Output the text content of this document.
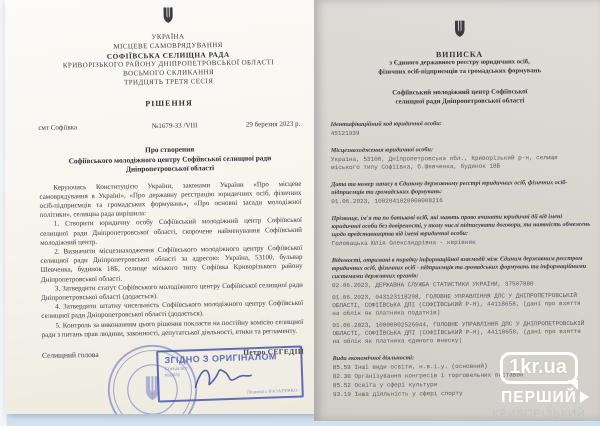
УКРАЇНА
МІСЦЕВЕ САМОВРЯДУВАННЯ
СОФІЇВСЬКА СЕЛИЩНА РАДА
КРИВОРІЗЬКОГО РАЙОНУ ДНІПРОПЕТРОВСЬКОЇ ОБЛАСТІ
ВОСЬМОГО СКЛИКАННЯ
ТРИДЦЯТЬ ТРЕТЯ СЕСІЯ
РІШЕННЯ
смт Софіївка	№1679-33 /VIII	29 березня 2023 р.
Про створення
Софіївського молодіжного центру Софіївської селищної ради
Дніпропетровської області
Керуючись Конституцією України, законами України «Про місцеве самоврядування в Україні», «Про державну реєстрацію юридичних осіб, фізичних осіб-підприємців та громадських формувань», «Про основні засади молодіжної політики», селищна рада вирішила:
1. Створити юридичну особу Софіївський молодіжний центр Софіївської селищної ради Дніпропетровської області, скорочене найменування Софіївський молодіжний центр.
2. Визначити місцезнаходження Софіївського молодіжного центру Софіївської селищної ради Дніпропетровської області за адресою: Україна, 53100, бульвар Шевченка, будинок 18Б, селище міського типу Софіївка Криворізького району Дніпропетровської області.
3. Затвердити статут Софіївського молодіжного центру Софіївської селищної ради Дніпропетровської області (додається).
4. Затвердити штатну чисельність Софіївського молодіжного центру Софіївської селищної ради Дніпропетровської області (додається).
5. Контроль за виконанням цього рішення покласти на постійну комісію селищної ради з питань прав людини, законності, депутатської діяльності, етики та регламенту.
Селищний голова	Петро СЕГЕДІЙ
ЗГІДНО З ОРИГІНАЛОМ
Спеціаліст
відділу
Людмила НАЗАРЕНКО
ВИПИСКА
з Єдиного державного реєстру юридичних осіб,
фізичних осіб-підприємців та громадських формувань
Софіївський молодіжний центр Софіївської
селищної ради Дніпропетровської області
Ідентифікаційний код юридичної особи:
45121939
Місцезнаходження юридичної особи:
Україна, 53100, Дніпропетровська обл., Криворізький р-н, селище міського типу Софіївка, б.Шевченка, будинок 18Б
Дата та номер запису в Єдиному державному реєстрі юридичних осіб, фізичних осіб-підприємців та громадських формувань:
01.06.2023, 1002041020000008216
Прізвище, ім'я та по батькові осіб, які мають право вчиняти юридичні дії від імені юридичної особи без довіреності, у тому числі підписувати договори, та наявність обмежень щодо представництва від імені юридичної особи:
Головацька Юлія Олександрівна - керівник
Відомості, отримані в порядку інформаційної взаємодії між Єдиним державним реєстром юридичних осіб, фізичних осіб - підприємців та громадських формувань та інформаційними системами державних органів:
02.06.2023, ДЕРЖАВНА СЛУЖБА СТАТИСТИКИ УКРАЇНИ, 37507880
01.06.2023, 043123118298, ГОЛОВНЕ УПРАВЛІННЯ ДПС У ДНІПРОПЕТРОВСЬКІЙ ОБЛАСТІ, СОФІЇВСЬКА ДПІ (СОФІЇВСЬКИЙ Р-Н), 44118658, (дані про взяття на облік як платника податків)
01.06.2023, 10000002526044, ГОЛОВНЕ УПРАВЛІННЯ ДПС У ДНІПРОПЕТРОВСЬКІЙ ОБЛАСТІ, СОФІЇВСЬКА ДПІ (СОФІЇВСЬКИЙ Р-Н), 44118658, (дані про взяття на облік як платника єдиного внеску)
Види економічної діяльності:
85.59 Інші види освіти, н.в.і.у. (основний)
82.30 Організування конгресів і торговельних виставок
85.52 Освіта у сфері культури
93.19 Інша діяльність у сфері спорту
1kr.ua
ПЕРШИЙ
КРИВОРІЗЬКИЙ
